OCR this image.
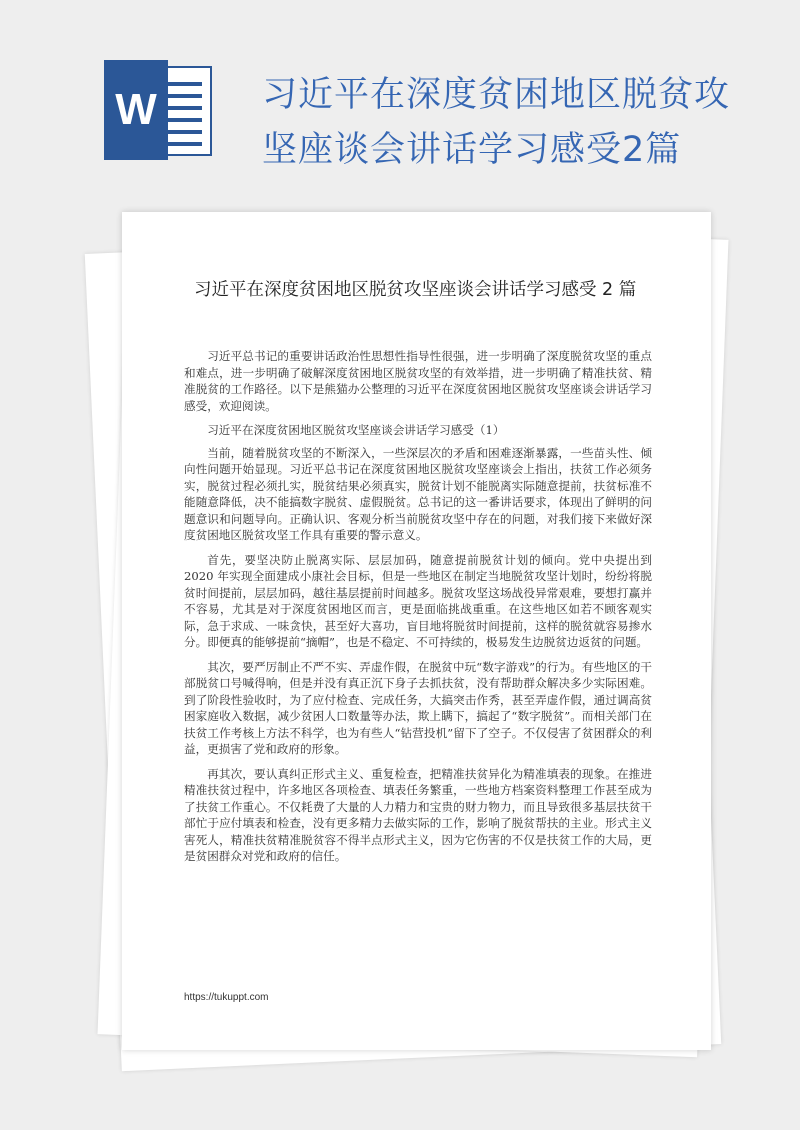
W	习近平在深度贫困地区脱贫攻坚座谈会讲话学习感受2篇
习近平在深度贫困地区脱贫攻坚座谈会讲话学习感受 2 篇

习近平总书记的重要讲话政治性思想性指导性很强，进一步明确了深度脱贫攻坚的重点和难点，进一步明确了破解深度贫困地区脱贫攻坚的有效举措，进一步明确了精准扶贫、精准脱贫的工作路径。以下是熊猫办公整理的习近平在深度贫困地区脱贫攻坚座谈会讲话学习感受，欢迎阅读。

习近平在深度贫困地区脱贫攻坚座谈会讲话学习感受（1）

当前，随着脱贫攻坚的不断深入，一些深层次的矛盾和困难逐渐暴露，一些苗头性、倾向性问题开始显现。习近平总书记在深度贫困地区脱贫攻坚座谈会上指出，扶贫工作必须务实，脱贫过程必须扎实，脱贫结果必须真实，脱贫计划不能脱离实际随意提前，扶贫标准不能随意降低，决不能搞数字脱贫、虚假脱贫。总书记的这一番讲话要求，体现出了鲜明的问题意识和问题导向。正确认识、客观分析当前脱贫攻坚中存在的问题，对我们接下来做好深度贫困地区脱贫攻坚工作具有重要的警示意义。

首先，要坚决防止脱离实际、层层加码，随意提前脱贫计划的倾向。党中央提出到 2020 年实现全面建成小康社会目标，但是一些地区在制定当地脱贫攻坚计划时，纷纷将脱贫时间提前，层层加码，越往基层提前时间越多。脱贫攻坚这场战役异常艰难，要想打赢并不容易，尤其是对于深度贫困地区而言，更是面临挑战重重。在这些地区如若不顾客观实际，急于求成、一味贪快，甚至好大喜功，盲目地将脱贫时间提前，这样的脱贫就容易掺水分。即便真的能够提前“摘帽”，也是不稳定、不可持续的，极易发生边脱贫边返贫的问题。

其次，要严厉制止不严不实、弄虚作假，在脱贫中玩“数字游戏”的行为。有些地区的干部脱贫口号喊得响，但是并没有真正沉下身子去抓扶贫，没有帮助群众解决多少实际困难。到了阶段性验收时，为了应付检查、完成任务，大搞突击作秀，甚至弄虚作假，通过调高贫困家庭收入数据，减少贫困人口数量等办法，欺上瞒下，搞起了“数字脱贫”。而相关部门在扶贫工作考核上方法不科学，也为有些人“钻营投机”留下了空子。不仅侵害了贫困群众的利益，更损害了党和政府的形象。

再其次，要认真纠正形式主义、重复检查，把精准扶贫异化为精准填表的现象。在推进精准扶贫过程中，许多地区各项检查、填表任务繁重，一些地方档案资料整理工作甚至成为了扶贫工作重心。不仅耗费了大量的人力精力和宝贵的财力物力，而且导致很多基层扶贫干部忙于应付填表和检查，没有更多精力去做实际的工作，影响了脱贫帮扶的主业。形式主义害死人，精准扶贫精准脱贫容不得半点形式主义，因为它伤害的不仅是扶贫工作的大局，更是贫困群众对党和政府的信任。

https://tukuppt.com
